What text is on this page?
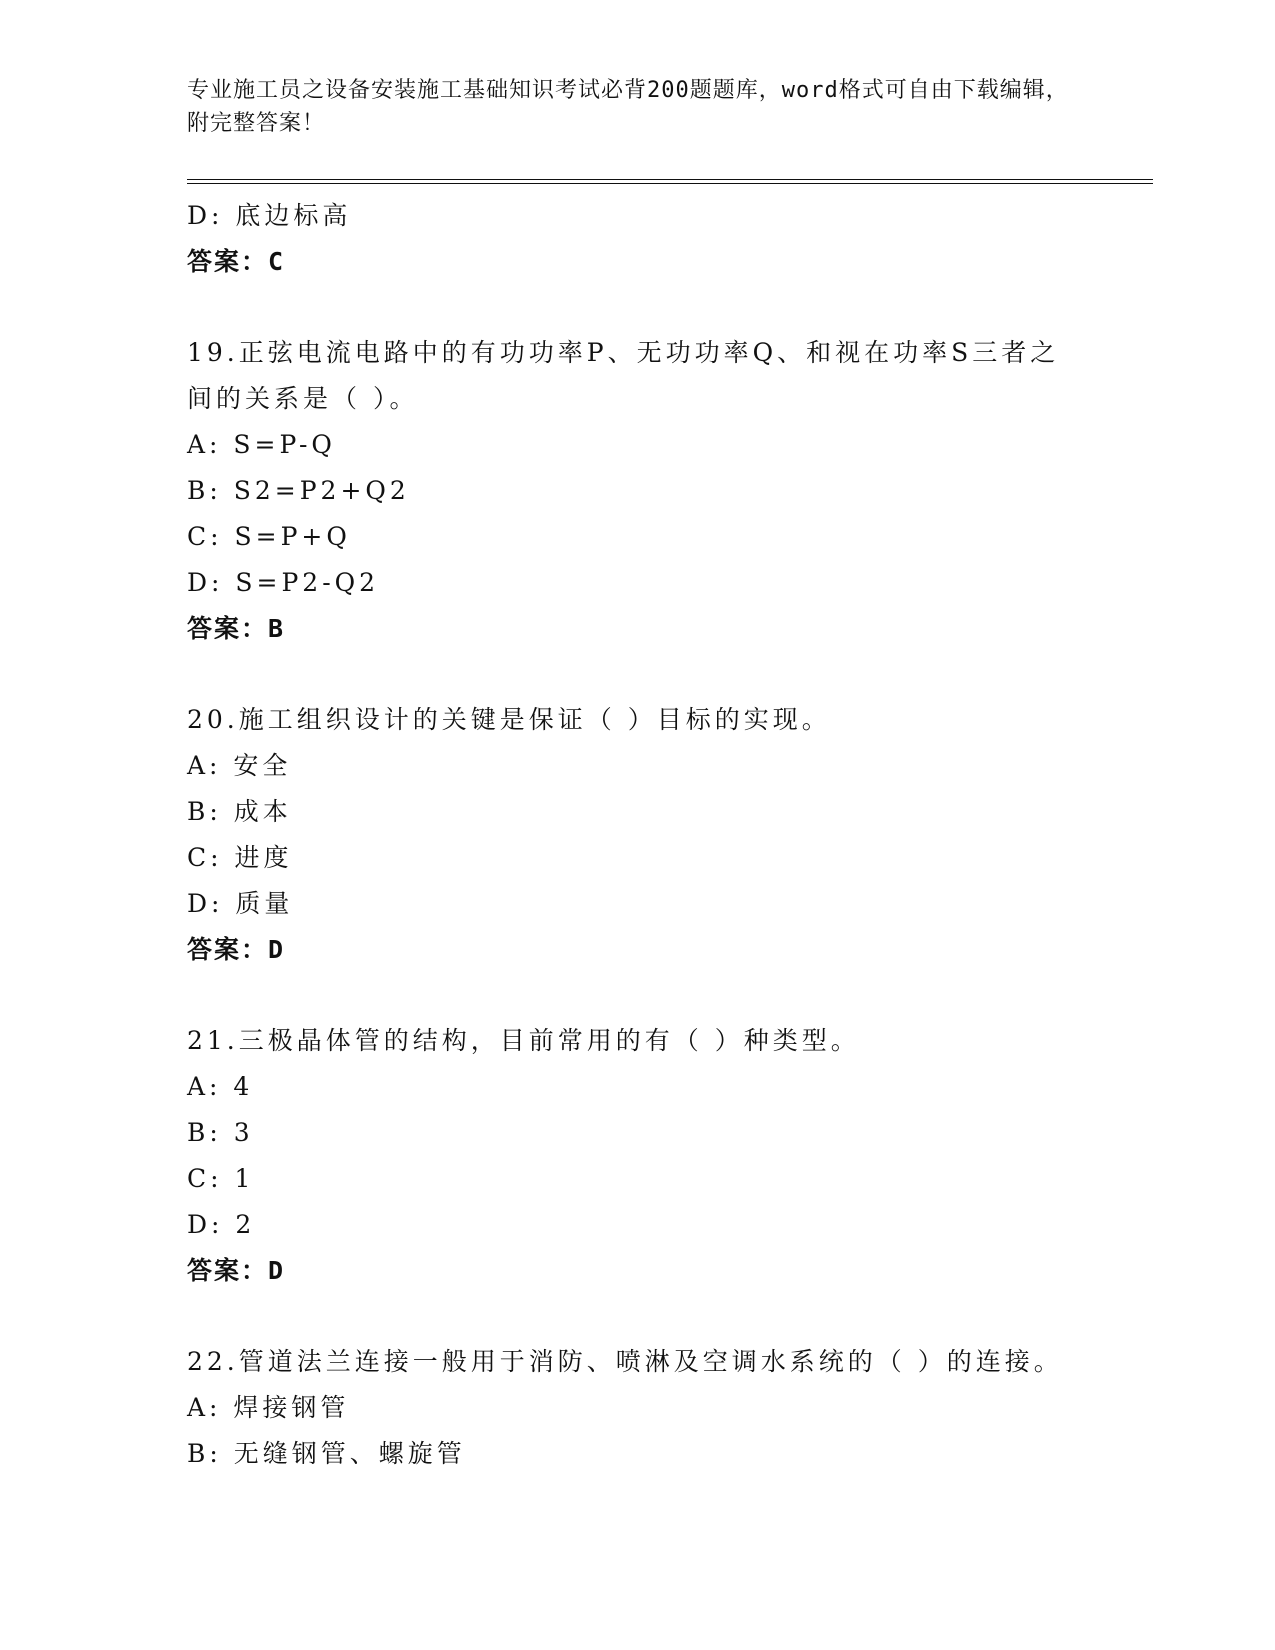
专业施工员之设备安装施工基础知识考试必背200题题库，word格式可自由下载编辑，附完整答案！
D: 底边标高
答案：C
19.正弦电流电路中的有功功率P、无功功率Q、和视在功率S三者之间的关系是（ ）。
A: S=P-Q
B: S2=P2+Q2
C: S=P+Q
D: S=P2-Q2
答案：B
20.施工组织设计的关键是保证（ ）目标的实现。
A: 安全
B: 成本
C: 进度
D: 质量
答案：D
21.三极晶体管的结构，目前常用的有（ ）种类型。
A: 4
B: 3
C: 1
D: 2
答案：D
22.管道法兰连接一般用于消防、喷淋及空调水系统的（ ）的连接。
A: 焊接钢管
B: 无缝钢管、螺旋管
